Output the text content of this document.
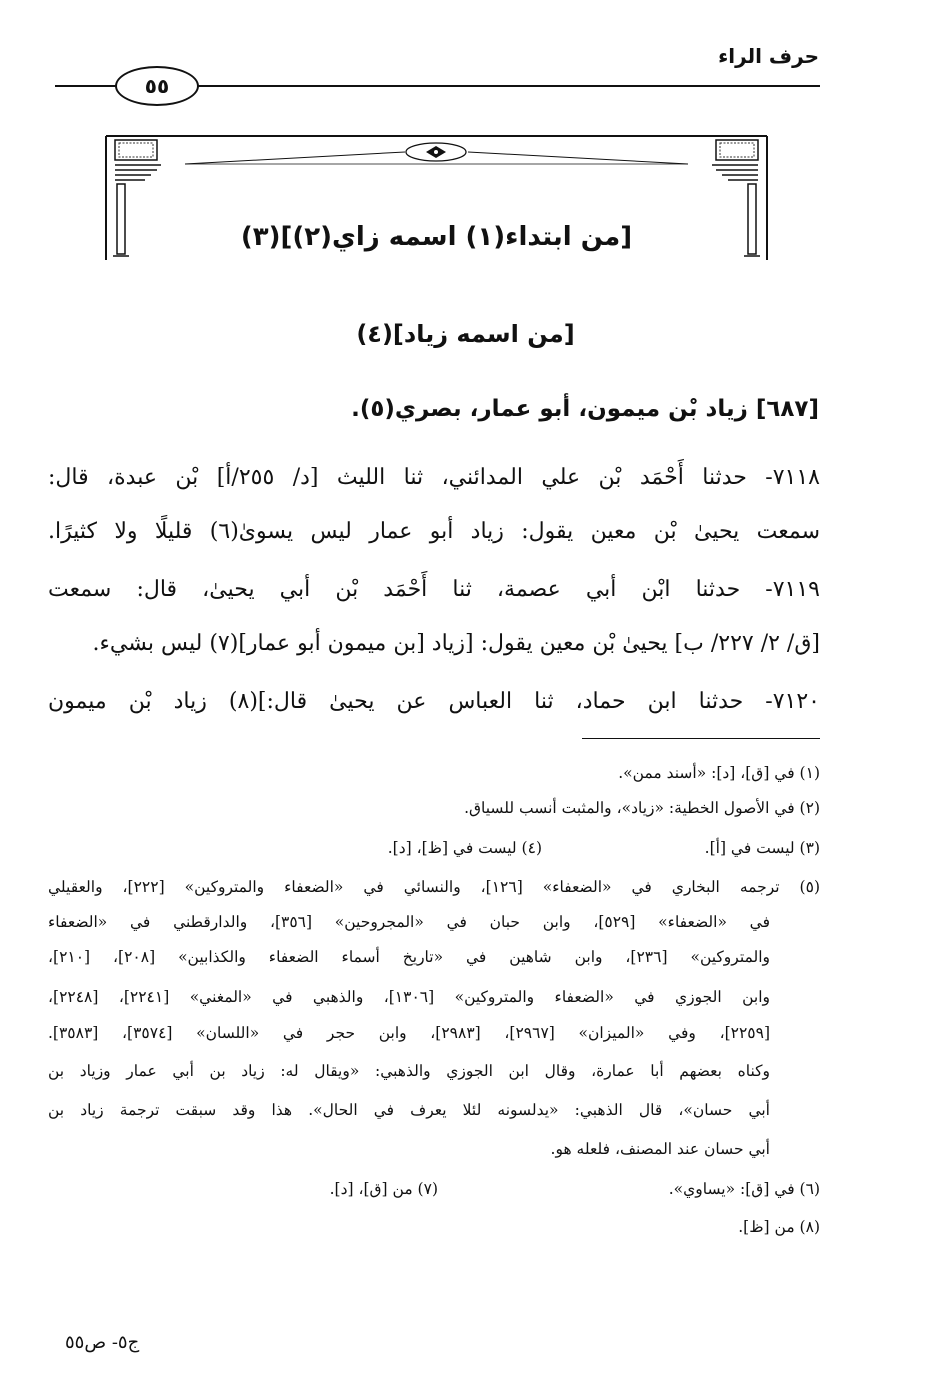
حرف الراء
٥٥
[من ابتداء(١) اسمه زاي(٢)](٣)
[من اسمه زياد](٤)
[٦٨٧] زياد بْن ميمون، أبو عمار، بصري(٥).
٧١١٨- حدثنا أَحْمَد بْن علي المدائني، ثنا الليث [د/ ٢٥٥/أ] بْن عبدة، قال:
سمعت يحيىٰ بْن معين يقول: زياد أبو عمار ليس يسوىٰ(٦) قليلًا ولا كثيرًا.
٧١١٩- حدثنا ابْن أبي عصمة، ثنا أَحْمَد بْن أبي يحيىٰ، قال: سمعت
[ق/ ٢/ ٢٢٧/ ب] يحيىٰ بْن معين يقول: [زياد [بن ميمون أبو عمار](٧) ليس بشيء.
٧١٢٠- حدثنا ابن حماد، ثنا العباس عن يحيىٰ قال:](٨) زياد بْن ميمون
(١) في [ق]، [د]: «أسند ممن».
(٢) في الأصول الخطية: «زياد»، والمثبت أنسب للسياق.
(٣) ليست في [أ].
(٤) ليست في [ظ]، [د].
(٥) ترجمه البخاري في «الضعفاء» [١٢٦]، والنسائي في «الضعفاء والمتروكين» [٢٢٢]، والعقيلي
في «الضعفاء» [٥٢٩]، وابن حبان في «المجروحين» [٣٥٦]، والدارقطني في «الضعفاء
والمتروكين» [٢٣٦]، وابن شاهين في «تاريخ أسماء الضعفاء والكذابين» [٢٠٨]، [٢١٠]،
وابن الجوزي في «الضعفاء والمتروكين» [١٣٠٦]، والذهبي في «المغني» [٢٢٤١]، [٢٢٤٨]،
[٢٢٥٩]، وفي «الميزان» [٢٩٦٧]، [٢٩٨٣]، وابن حجر في «اللسان» [٣٥٧٤]، [٣٥٨٣].
وكناه بعضهم أبا عمارة، وقال ابن الجوزي والذهبي: «ويقال له: زياد بن أبي عمار وزياد بن
أبي حسان»، قال الذهبي: «يدلسونه لئلا يعرف في الحال». هذا وقد سبقت ترجمة زياد بن
أبي حسان عند المصنف، فلعله هو.
(٦) في [ق]: «يساوي».
(٧) من [ق]، [د].
(٨) من [ظ].
ج٥- ص٥٥
